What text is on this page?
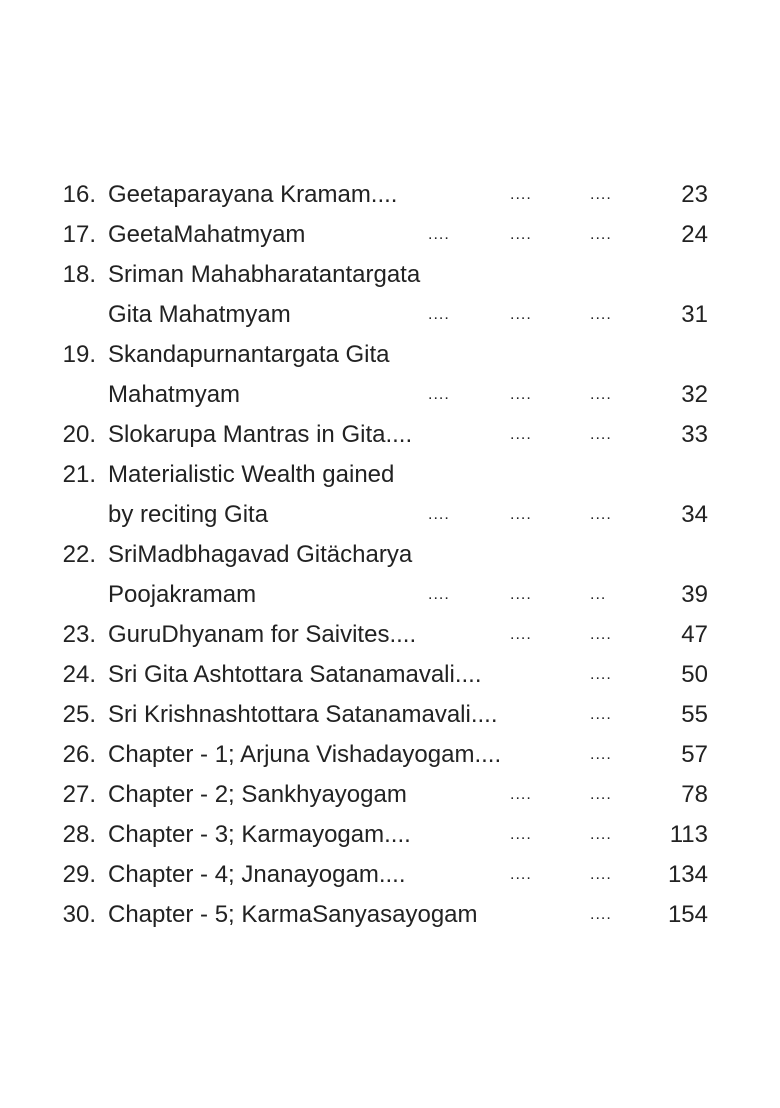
16. Geetaparayana Kramam....	....	....	23
17. GeetaMahatmyam	....	....	....	24
18. Sriman Mahabharatantargata
Gita Mahatmyam	....	....	....	31
19. Skandapurnantargata Gita
Mahatmyam	....	....	....	32
20. Slokarupa Mantras in Gita....	....	....	33
21. Materialistic Wealth gained
by reciting Gita	....	....	....	34
22. SriMadbhagavad Gitächarya
Poojakramam	....	....	...	39
23. GuruDhyanam for Saivites....	....	....	47
24. Sri Gita Ashtottara Satanamavali....	....	50
25. Sri Krishnashtottara Satanamavali....	....	55
26. Chapter - 1; Arjuna Vishadayogam....	....	57
27. Chapter - 2; Sankhyayogam	....	....	78
28. Chapter - 3; Karmayogam....	....	.... 113
29. Chapter - 4; Jnanayogam....	....	.... 134
30. Chapter - 5; KarmaSanyasayogam	.... 154
